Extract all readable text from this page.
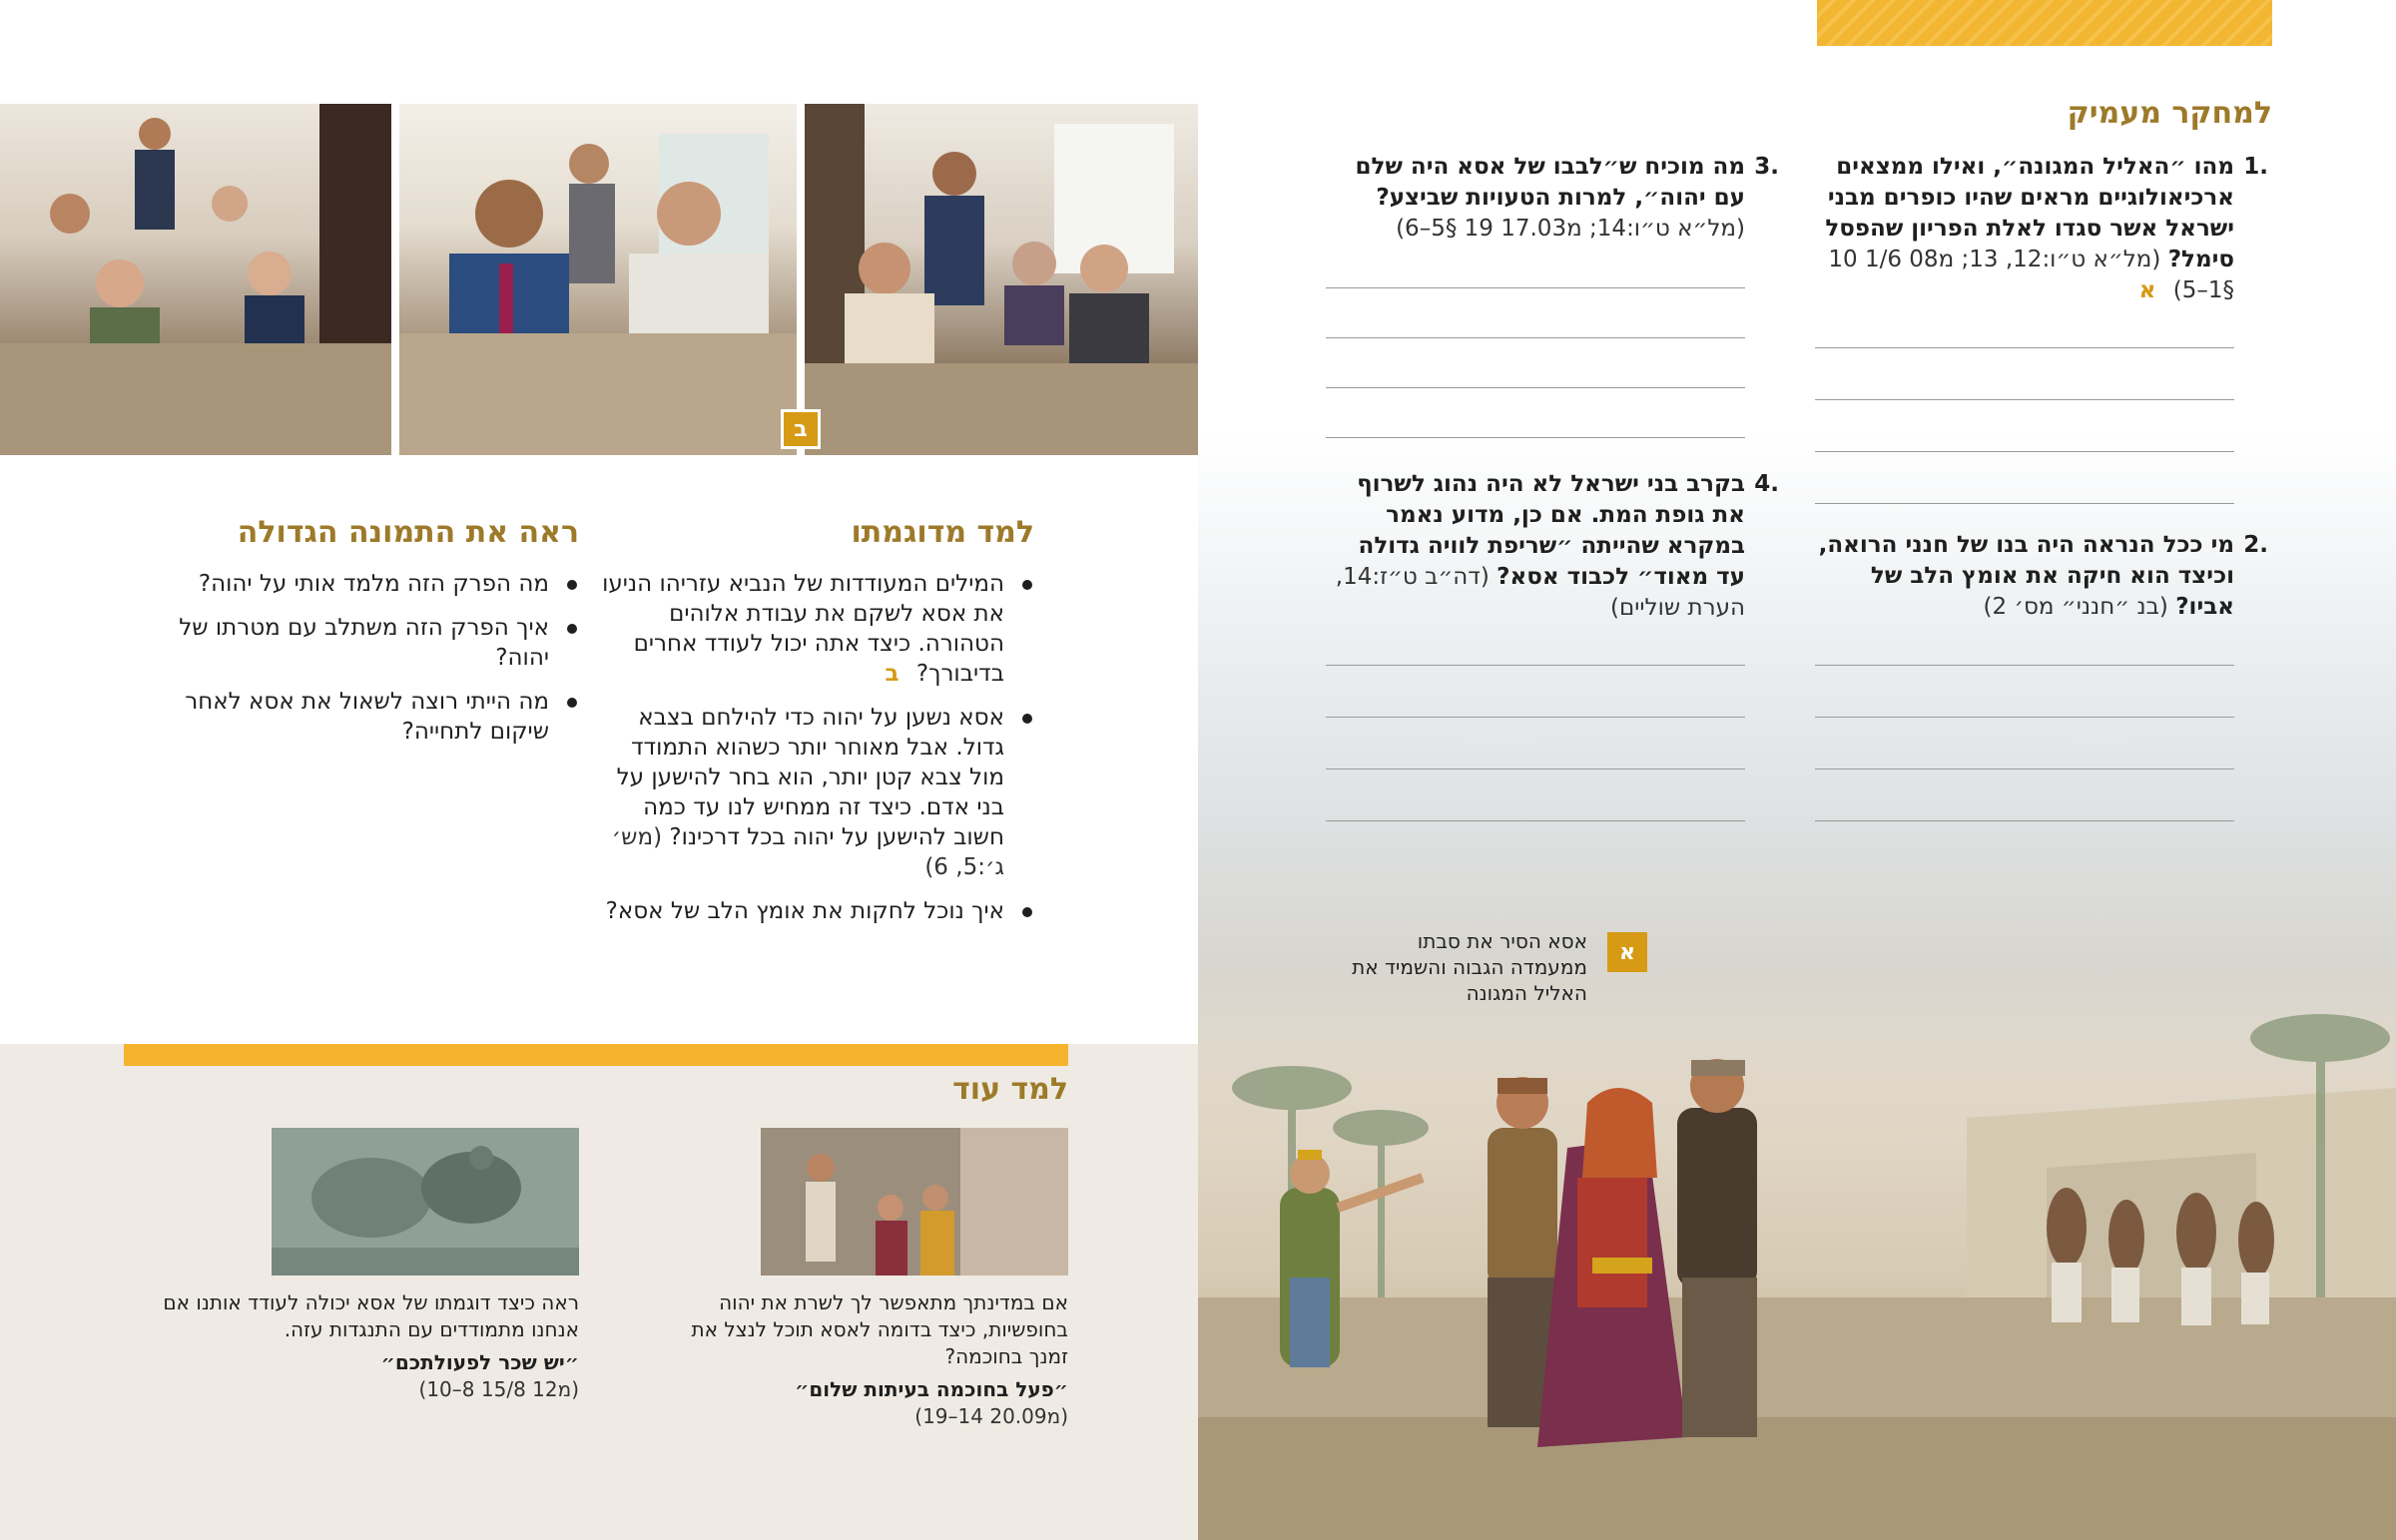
למחקר מעמיק
1.
מהו ״האליל המגונה״, ואילו ממצאים ארכיאולוגיים מראים שהיו כופרים מבני ישראל אשר סגדו לאלת הפריון שהפסל סימל? (מל״א ט״ו:12, 13; מ08 1/6 10 §1–5) א
2.
מי ככל הנראה היה בנו של חנני הרואה, וכיצד הוא חיקה את אומץ הלב של אביו? (בנ ״חנני״ מס׳ 2)
3.
מה מוכיח ש״לבבו של אסא היה שלם עם יהוה״, למרות הטעויות שביצע? (מל״א ט״ו:14; מ17.03 19 §5–6)
4.
בקרב בני ישראל לא היה נהוג לשרוף את גופת המת. אם כן, מדוע נאמר במקרא שהייתה ״שריפת לוויה גדולה עד מאוד״ לכבוד אסא? (דה״ב ט״ז:14, הערת שוליים)
א
אסא הסיר את סבתו ממעמדה הגבוה והשמיד את האליל המגונה
ב
למד מדוגמתו
המילים המעודדות של הנביא עזריהו הניעו את אסא לשקם את עבודת אלוהים הטהורה. כיצד אתה יכול לעודד אחרים בדיבורך? ב
אסא נשען על יהוה כדי להילחם בצבא גדול. אבל מאוחר יותר כשהוא התמודד מול צבא קטן יותר, הוא בחר להישען על בני אדם. כיצד זה ממחיש לנו עד כמה חשוב להישען על יהוה בכל דרכינו? (מש׳ ג׳:5, 6)
איך נוכל לחקות את אומץ הלב של אסא?
ראה את התמונה הגדולה
מה הפרק הזה מלמד אותי על יהוה?
איך הפרק הזה משתלב עם מטרתו של יהוה?
מה הייתי רוצה לשאול את אסא לאחר שיקום לתחייה?
למד עוד
אם במדינתך מתאפשר לך לשרת את יהוה בחופשיות, כיצד בדומה לאסא תוכל לנצל את זמנך בחוכמה?
״פעל בחוכמה בעיתות שלום״
(מ20.09 14–19)
ראה כיצד דוגמתו של אסא יכולה לעודד אותנו אם אנחנו מתמודדים עם התנגדות עזה.
״יש שכר לפעולתכם״
(מ12 15/8 8–10)
